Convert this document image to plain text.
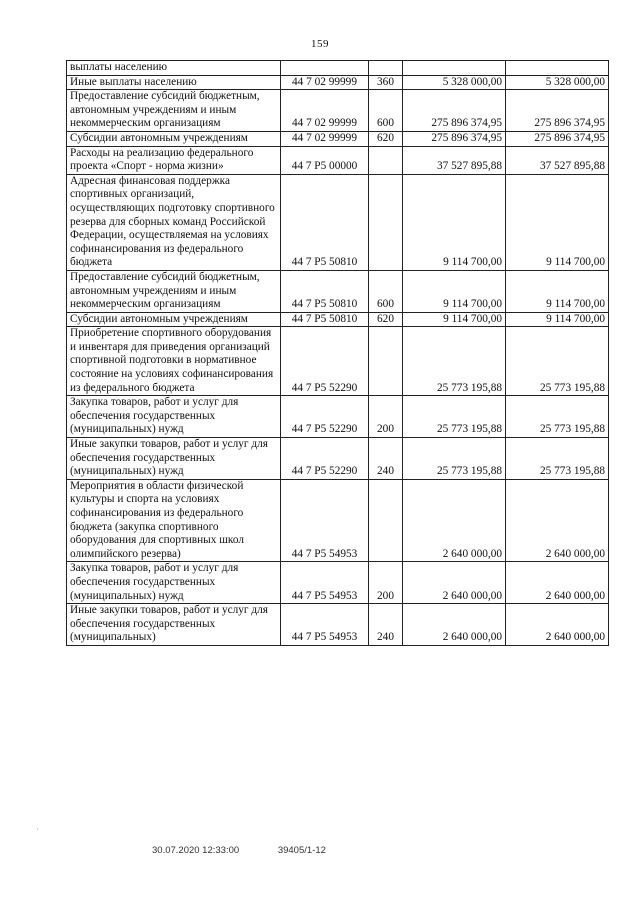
159
выплаты населению				
Иные выплаты населению	44 7 02 99999	360	5 328 000,00	5 328 000,00
Предоставление субсидий бюджетным, автономным учреждениям и иным некоммерческим организациям	44 7 02 99999	600	275 896 374,95	275 896 374,95
Субсидии автономным учреждениям	44 7 02 99999	620	275 896 374,95	275 896 374,95
Расходы на реализацию федерального проекта «Спорт - норма жизни»	44 7 P5 00000		37 527 895,88	37 527 895,88
Адресная финансовая поддержка спортивных организаций, осуществляющих подготовку спортивного резерва для сборных команд Российской Федерации, осуществляемая на условиях софинансирования из федерального бюджета	44 7 P5 50810		9 114 700,00	9 114 700,00
Предоставление субсидий бюджетным, автономным учреждениям и иным некоммерческим организациям	44 7 P5 50810	600	9 114 700,00	9 114 700,00
Субсидии автономным учреждениям	44 7 P5 50810	620	9 114 700,00	9 114 700,00
Приобретение спортивного оборудования и инвентаря для приведения организаций спортивной подготовки в нормативное состояние на условиях софинансирования из федерального бюджета	44 7 P5 52290		25 773 195,88	25 773 195,88
Закупка товаров, работ и услуг для обеспечения государственных (муниципальных) нужд	44 7 P5 52290	200	25 773 195,88	25 773 195,88
Иные закупки товаров, работ и услуг для обеспечения государственных (муниципальных) нужд	44 7 P5 52290	240	25 773 195,88	25 773 195,88
Мероприятия в области физической культуры и спорта на условиях софинансирования из федерального бюджета (закупка спортивного оборудования для спортивных школ олимпийского резерва)	44 7 P5 54953		2 640 000,00	2 640 000,00
Закупка товаров, работ и услуг для обеспечения государственных (муниципальных) нужд	44 7 P5 54953	200	2 640 000,00	2 640 000,00
Иные закупки товаров, работ и услуг для обеспечения государственных (муниципальных)	44 7 P5 54953	240	2 640 000,00	2 640 000,00
·
30.07.2020 12:33:00	39405/1-12
